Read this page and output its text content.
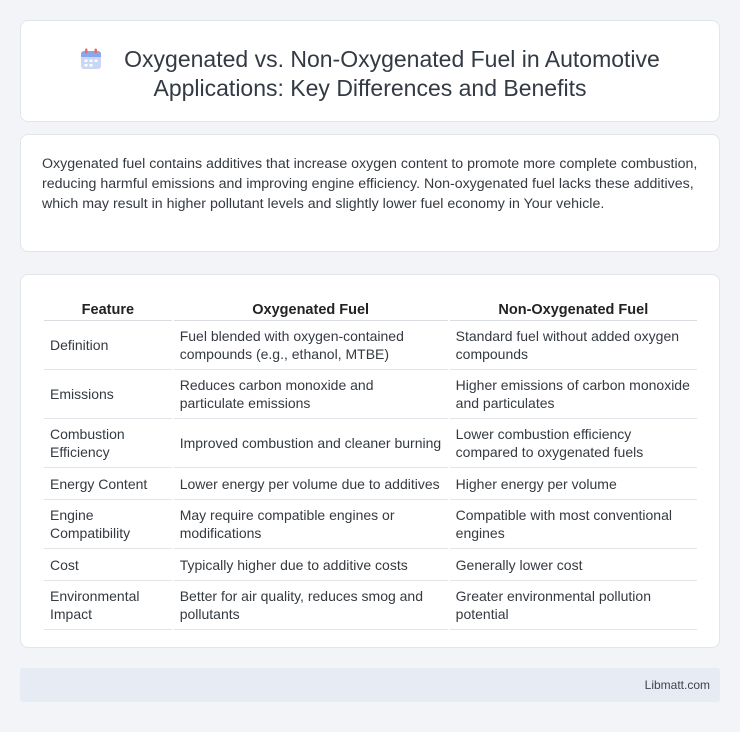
Oxygenated vs. Non-Oxygenated Fuel in Automotive
Applications: Key Differences and Benefits

Oxygenated fuel contains additives that increase oxygen content to promote more complete combustion, reducing harmful emissions and improving engine efficiency. Non-oxygenated fuel lacks these additives, which may result in higher pollutant levels and slightly lower fuel economy in Your vehicle.

Feature	Oxygenated Fuel	Non-Oxygenated Fuel
Definition	Fuel blended with oxygen-contained compounds (e.g., ethanol, MTBE)	Standard fuel without added oxygen compounds
Emissions	Reduces carbon monoxide and particulate emissions	Higher emissions of carbon monoxide and particulates
Combustion Efficiency	Improved combustion and cleaner burning	Lower combustion efficiency compared to oxygenated fuels
Energy Content	Lower energy per volume due to additives	Higher energy per volume
Engine Compatibility	May require compatible engines or modifications	Compatible with most conventional engines
Cost	Typically higher due to additive costs	Generally lower cost
Environmental Impact	Better for air quality, reduces smog and pollutants	Greater environmental pollution potential
Libmatt.com
